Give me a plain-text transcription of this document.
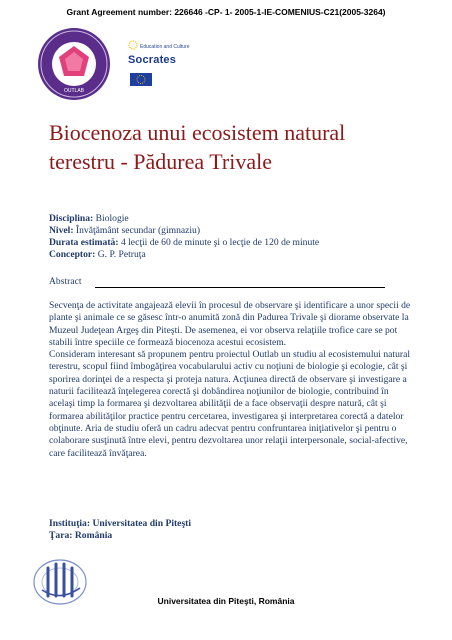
Grant Agreement number: 226646 -CP- 1- 2005-1-IE-COMENIUS-C21(2005-3264)
OUTLAB
Education and Culture
Socrates
Biocenoza unui ecosistem natural
terestru - Pădurea Trivale
Disciplina: Biologie
Nivel: Învăţământ secundar (gimnaziu)
Durata estimată: 4 lecţii de 60 de minute şi o lecţie de 120 de minute
Conceptor: G. P. Petruţa
Abstract

Secvenţa de activitate angajează elevii în procesul de observare şi identificare a unor specii de plante şi animale ce se găsesc într-o anumită zonă din Padurea Trivale şi diorame observate la Muzeul Judeţean Argeş din Piteşti. De asemenea, ei vor observa relaţiile trofice care se pot stabili între speciile ce formează biocenoza acestui ecosistem.

Consideram interesant să propunem pentru proiectul Outlab un studiu al ecosistemului natural terestru, scopul fiind îmbogăţirea vocabularului activ cu noţiuni de biologie şi ecologie, cât şi sporirea dorinţei de a respecta şi proteja natura. Acţiunea directă de observare şi investigare a naturii facilitează înţelegerea corectă şi dobândirea noţiunilor de biologie, contribuind în acelaşi timp la formarea şi dezvoltarea abilităţii de a face observaţii despre natură, cât şi formarea abilităţilor practice pentru cercetarea, investigarea şi interpretarea corectă a datelor obţinute. Aria de studiu oferă un cadru adecvat pentru confruntarea iniţiativelor şi pentru o colaborare susţinută între elevi, pentru dezvoltarea unor relaţii interpersonale, social-afective, care facilitează învăţarea.

Instituţia: Universitatea din Piteşti
Ţara: România
Universitatea din Piteşti, România
